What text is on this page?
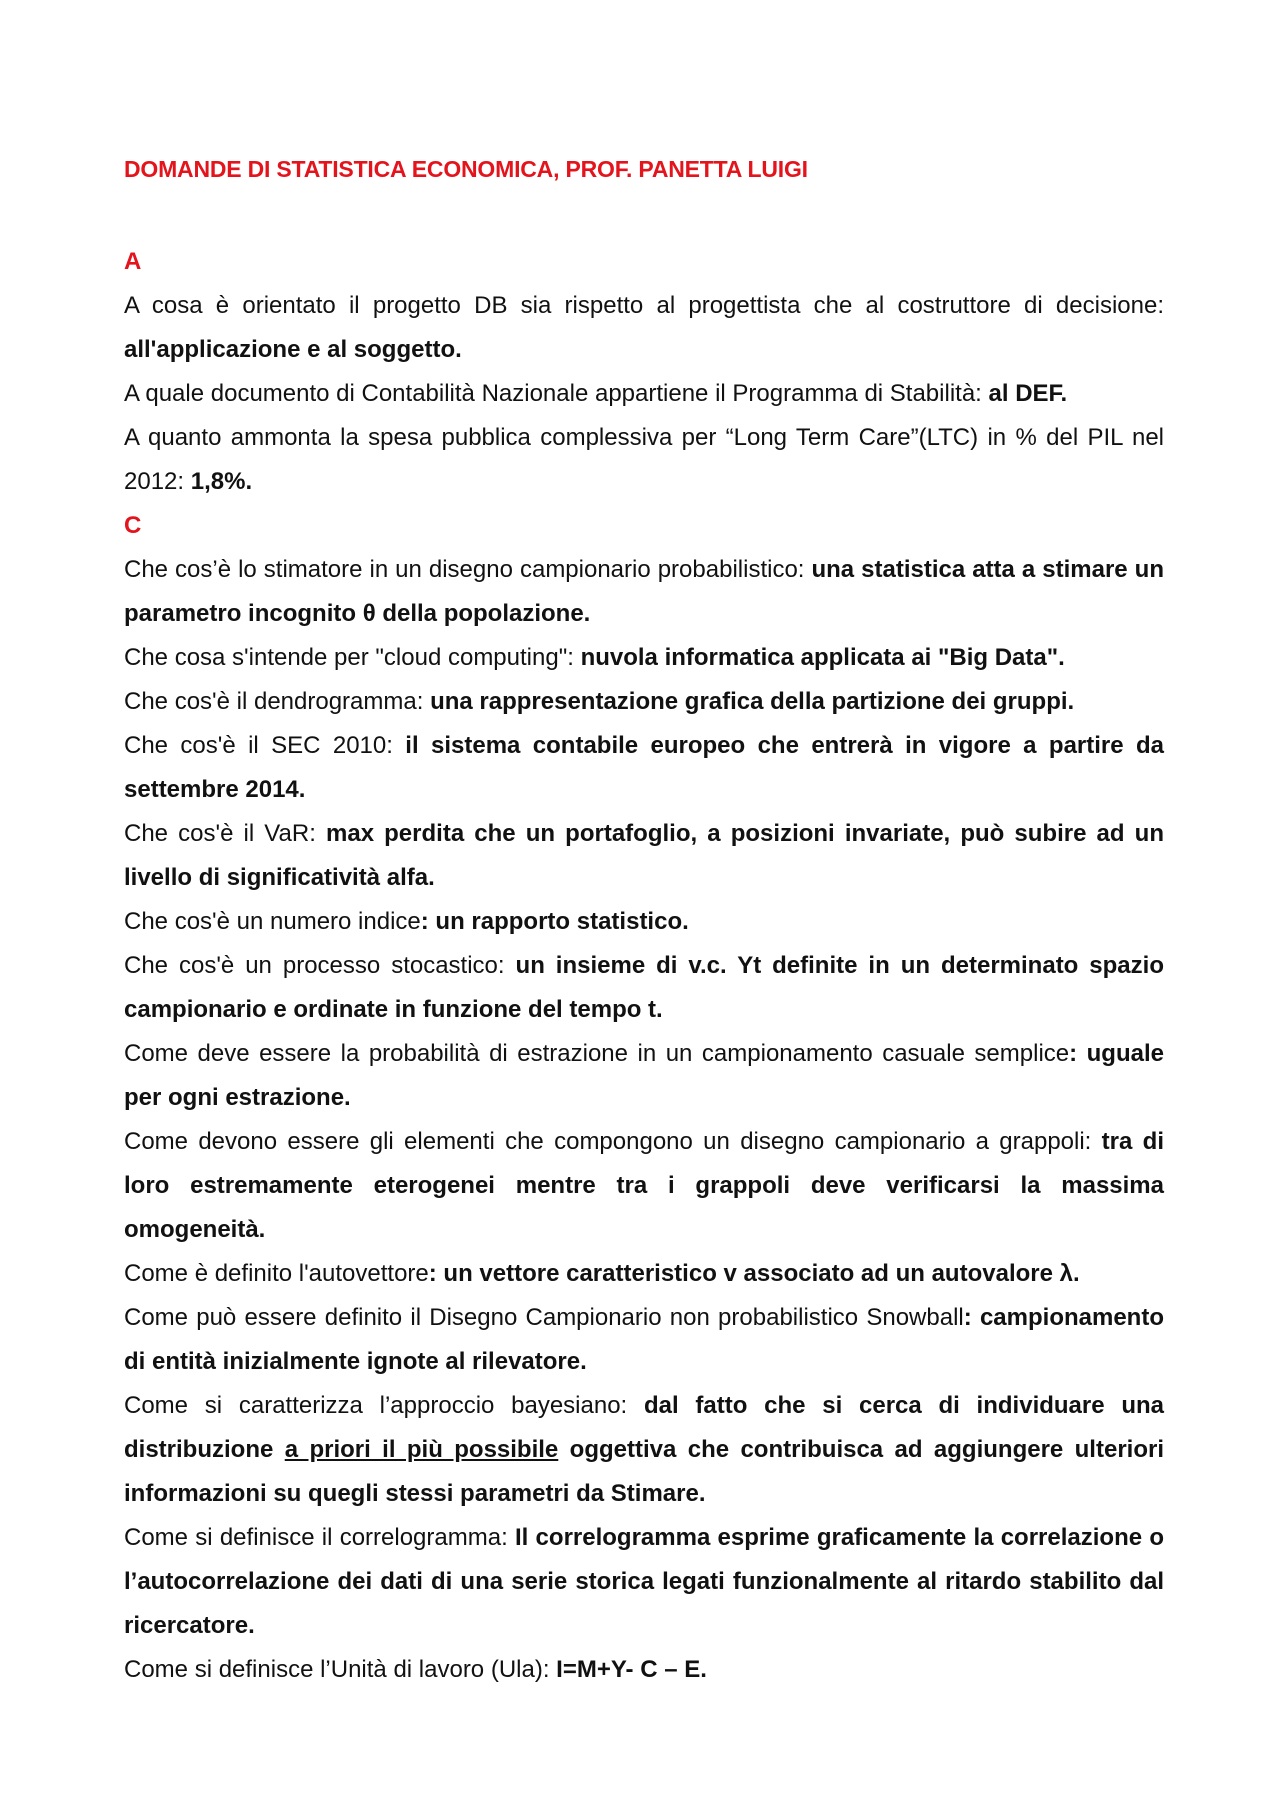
DOMANDE DI STATISTICA ECONOMICA, PROF. PANETTA LUIGI
A
A cosa è orientato il progetto DB sia rispetto al progettista che al costruttore di decisione: all'applicazione e al soggetto.
A quale documento di Contabilità Nazionale appartiene il Programma di Stabilità: al DEF.
A quanto ammonta la spesa pubblica complessiva per “Long Term Care”(LTC) in % del PIL nel 2012: 1,8%.
C
Che cos’è lo stimatore in un disegno campionario probabilistico: una statistica atta a stimare un parametro incognito θ della popolazione.
Che cosa s'intende per "cloud computing": nuvola informatica applicata ai "Big Data".
Che cos'è il dendrogramma: una rappresentazione grafica della partizione dei gruppi.
Che cos'è il SEC 2010: il sistema contabile europeo che entrerà in vigore a partire da settembre 2014.
Che cos'è il VaR: max perdita che un portafoglio, a posizioni invariate, può subire ad un livello di significatività alfa.
Che cos'è un numero indice: un rapporto statistico.
Che cos'è un processo stocastico: un insieme di v.c. Yt definite in un determinato spazio campionario e ordinate in funzione del tempo t.
Come deve essere la probabilità di estrazione in un campionamento casuale semplice: uguale per ogni estrazione.
Come devono essere gli elementi che compongono un disegno campionario a grappoli: tra di loro estremamente eterogenei mentre tra i grappoli deve verificarsi la massima omogeneità.
Come è definito l'autovettore: un vettore caratteristico v associato ad un autovalore λ.
Come può essere definito il Disegno Campionario non probabilistico Snowball: campionamento di entità inizialmente ignote al rilevatore.
Come si caratterizza l’approccio bayesiano: dal fatto che si cerca di individuare una distribuzione a priori il più possibile oggettiva che contribuisca ad aggiungere ulteriori informazioni su quegli stessi parametri da Stimare.
Come si definisce il correlogramma: Il correlogramma esprime graficamente la correlazione o l’autocorrelazione dei dati di una serie storica legati funzionalmente al ritardo stabilito dal ricercatore.
Come si definisce l’Unità di lavoro (Ula): I=M+Y- C – E.
